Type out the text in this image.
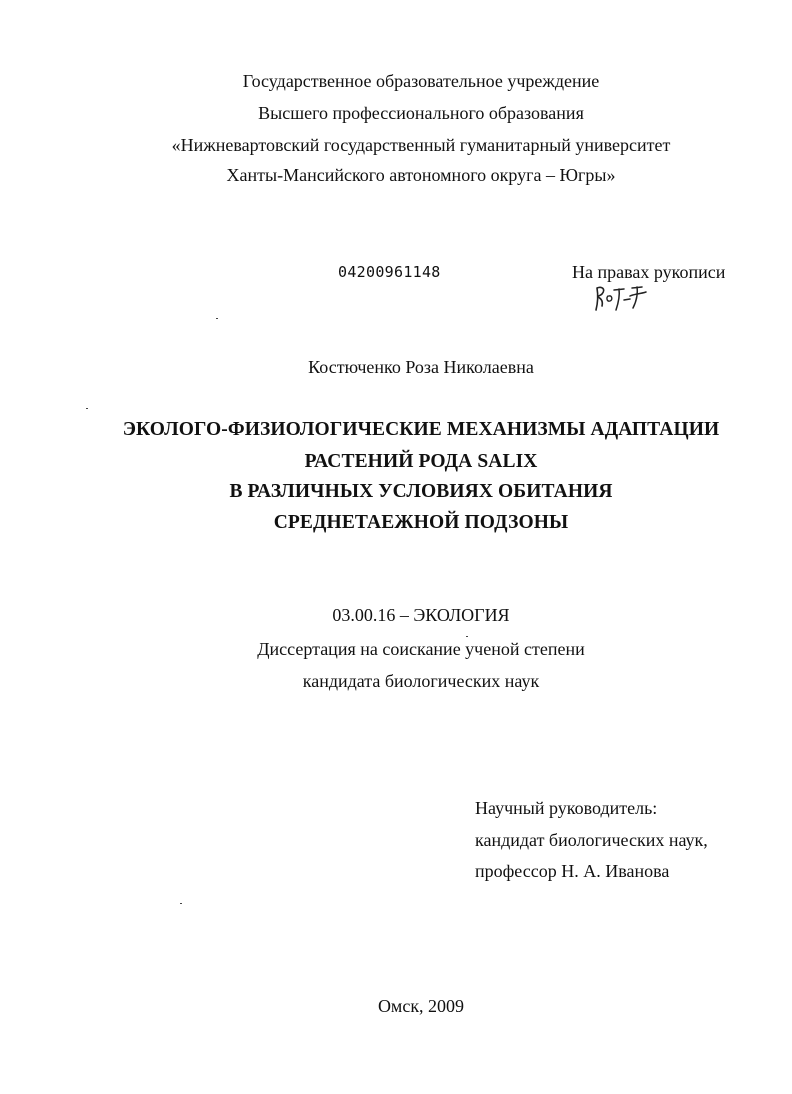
Государственное образовательное учреждение
Высшего профессионального образования
«Нижневартовский государственный гуманитарный университет
Ханты-Мансийского автономного округа – Югры»
04200961148	На правах рукописи
Костюченко Роза Николаевна
ЭКОЛОГО-ФИЗИОЛОГИЧЕСКИЕ МЕХАНИЗМЫ АДАПТАЦИИ
РАСТЕНИЙ РОДА SALIX
В РАЗЛИЧНЫХ УСЛОВИЯХ ОБИТАНИЯ
СРЕДНЕТАЕЖНОЙ ПОДЗОНЫ
03.00.16 – ЭКОЛОГИЯ
Диссертация на соискание ученой степени
кандидата биологических наук
Научный руководитель:
кандидат биологических наук,
профессор Н. А. Иванова
Омск, 2009
